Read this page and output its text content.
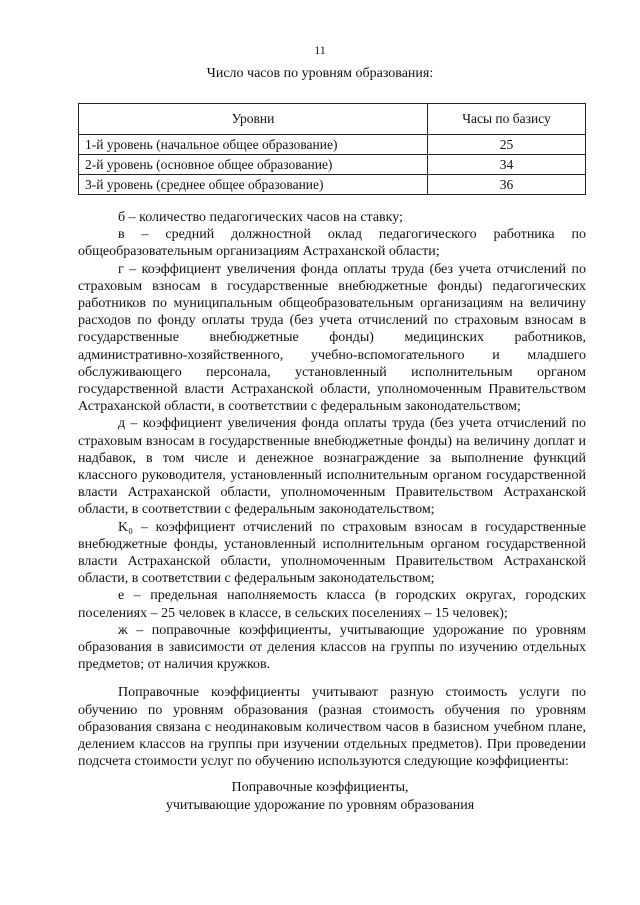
11
Число часов по уровням образования:
Уровни	Часы по базису
1-й уровень (начальное общее образование)	25
2-й уровень (основное общее образование)	34
3-й уровень (среднее общее образование)	36

б – количество педагогических часов на ставку;

в – средний должностной оклад педагогического работника по общеобразовательным организациям Астраханской области;

г – коэффициент увеличения фонда оплаты труда (без учета отчислений по страховым взносам в государственные внебюджетные фонды) педагогических работников по муниципальным общеобразовательным организациям на величину расходов по фонду оплаты труда (без учета отчислений по страховым взносам в государственные внебюджетные фонды) медицинских работников, административно-хозяйственного, учебно-вспомогательного и младшего обслуживающего персонала, установленный исполнительным органом государственной власти Астраханской области, уполномоченным Правительством Астраханской области, в соответствии с федеральным законодательством;

д – коэффициент увеличения фонда оплаты труда (без учета отчислений по страховым взносам в государственные внебюджетные фонды) на величину доплат и надбавок, в том числе и денежное вознаграждение за выполнение функций классного руководителя, установленный исполнительным органом государственной власти Астраханской области, уполномоченным Правительством Астраханской области, в соответствии с федеральным законодательством;

K₀ – коэффициент отчислений по страховым взносам в государственные внебюджетные фонды, установленный исполнительным органом государственной власти Астраханской области, уполномоченным Правительством Астраханской области, в соответствии с федеральным законодательством;

е – предельная наполняемость класса (в городских округах, городских поселениях – 25 человек в классе, в сельских поселениях – 15 человек);

ж – поправочные коэффициенты, учитывающие удорожание по уровням образования в зависимости от деления классов на группы по изучению отдельных предметов; от наличия кружков.

Поправочные коэффициенты учитывают разную стоимость услуги по обучению по уровням образования (разная стоимость обучения по уровням образования связана с неодинаковым количеством часов в базисном учебном плане, делением классов на группы при изучении отдельных предметов). При проведении подсчета стоимости услуг по обучению используются следующие коэффициенты:

Поправочные коэффициенты,
учитывающие удорожание по уровням образования
